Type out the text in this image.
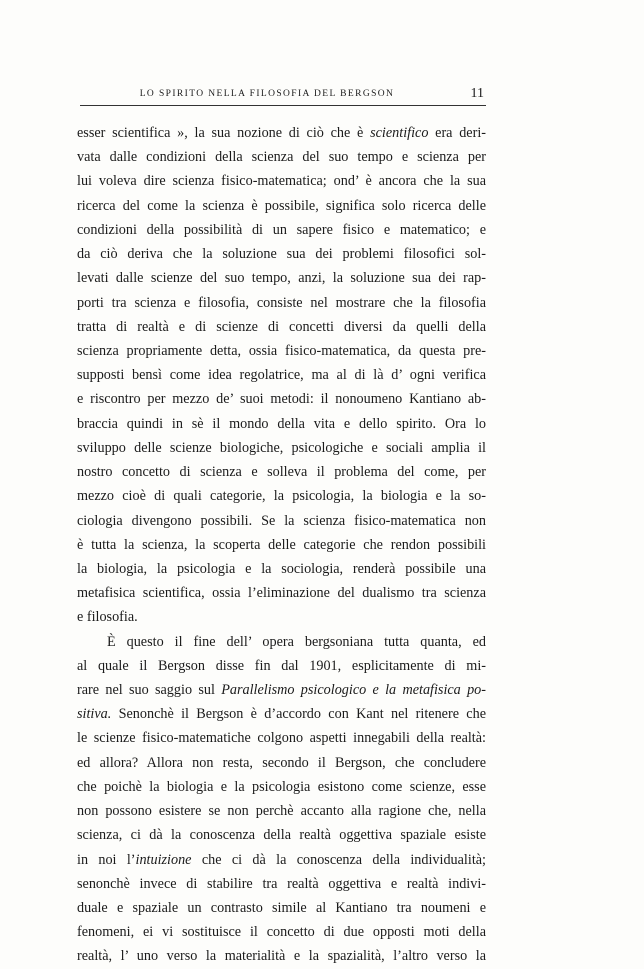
LO SPIRITO NELLA FILOSOFIA DEL BERGSON	11
esser scientifica », la sua nozione di ciò che è scientifico era deri-
vata dalle condizioni della scienza del suo tempo e scienza per
lui voleva dire scienza fisico-matematica; ond’ è ancora che la sua
ricerca del come la scienza è possibile, significa solo ricerca delle
condizioni della possibilità di un sapere fisico e matematico; e
da ciò deriva che la soluzione sua dei problemi filosofici sol-
levati dalle scienze del suo tempo, anzi, la soluzione sua dei rap-
porti tra scienza e filosofia, consiste nel mostrare che la filosofia
tratta di realtà e di scienze di concetti diversi da quelli della
scienza propriamente detta, ossia fisico-matematica, da questa pre-
supposti bensì come idea regolatrice, ma al di là d’ ogni verifica
e riscontro per mezzo de’ suoi metodi: il nonoumeno Kantiano ab-
braccia quindi in sè il mondo della vita e dello spirito. Ora lo
sviluppo delle scienze biologiche, psicologiche e sociali amplia il
nostro concetto di scienza e solleva il problema del come, per
mezzo cioè di quali categorie, la psicologia, la biologia e la so-
ciologia divengono possibili. Se la scienza fisico-matematica non
è tutta la scienza, la scoperta delle categorie che rendon possibili
la biologia, la psicologia e la sociologia, renderà possibile una
metafisica scientifica, ossia l’eliminazione del dualismo tra scienza
e filosofia.
È questo il fine dell’ opera bergsoniana tutta quanta, ed
al quale il Bergson disse fin dal 1901, esplicitamente di mi-
rare nel suo saggio sul Parallelismo psicologico e la metafisica po-
sitiva. Senonchè il Bergson è d’accordo con Kant nel ritenere che
le scienze fisico-matematiche colgono aspetti innegabili della realtà:
ed allora? Allora non resta, secondo il Bergson, che concludere
che poichè la biologia e la psicologia esistono come scienze, esse
non possono esistere se non perchè accanto alla ragione che, nella
scienza, ci dà la conoscenza della realtà oggettiva spaziale esiste
in noi l’intuizione che ci dà la conoscenza della individualità;
senonchè invece di stabilire tra realtà oggettiva e realtà indivi-
duale e spaziale un contrasto simile al Kantiano tra noumeni e
fenomeni, ei vi sostituisce il concetto di due opposti moti della
realtà, l’ uno verso la materialità e la spazialità, l’altro verso la
